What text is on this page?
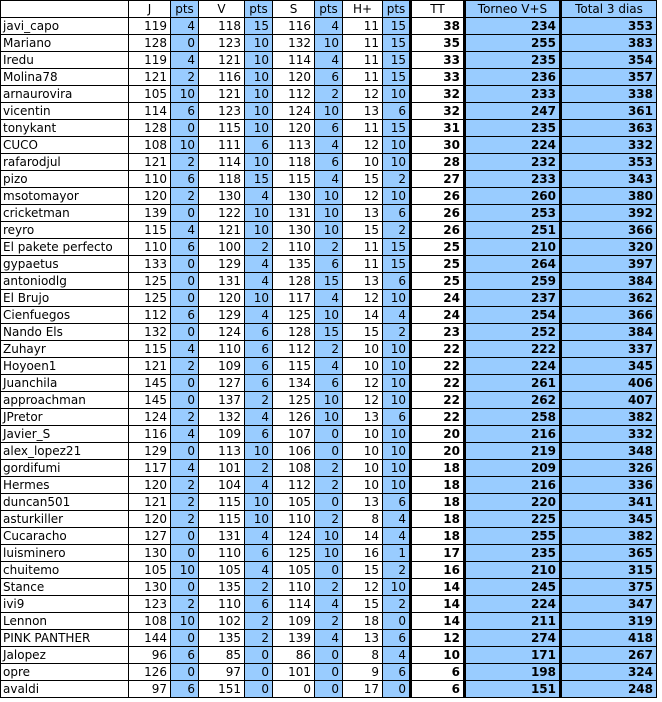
	J	pts	V	pts	S	pts	H+	pts	TT	Torneo V+S	Total 3 dias
javi_capo	119	4	118	15	116	4	11	15	38	234	353
Mariano	128	0	123	10	132	10	11	15	35	255	383
Iredu	119	4	121	10	114	4	11	15	33	235	354
Molina78	121	2	116	10	120	6	11	15	33	236	357
arnaurovira	105	10	121	10	112	2	12	10	32	233	338
vicentin	114	6	123	10	124	10	13	6	32	247	361
tonykant	128	0	115	10	120	6	11	15	31	235	363
CUCO	108	10	111	6	113	4	12	10	30	224	332
rafarodjul	121	2	114	10	118	6	10	10	28	232	353
pizo	110	6	118	15	115	4	15	2	27	233	343
msotomayor	120	2	130	4	130	10	12	10	26	260	380
cricketman	139	0	122	10	131	10	13	6	26	253	392
reyro	115	4	121	10	130	10	15	2	26	251	366
El pakete perfecto	110	6	100	2	110	2	11	15	25	210	320
gypaetus	133	0	129	4	135	6	11	15	25	264	397
antoniodlg	125	0	131	4	128	15	13	6	25	259	384
El Brujo	125	0	120	10	117	4	12	10	24	237	362
Cienfuegos	112	6	129	4	125	10	14	4	24	254	366
Nando Els	132	0	124	6	128	15	15	2	23	252	384
Zuhayr	115	4	110	6	112	2	10	10	22	222	337
Hoyoen1	121	2	109	6	115	4	10	10	22	224	345
Juanchila	145	0	127	6	134	6	12	10	22	261	406
approachman	145	0	137	2	125	10	12	10	22	262	407
JPretor	124	2	132	4	126	10	13	6	22	258	382
Javier_S	116	4	109	6	107	0	10	10	20	216	332
alex_lopez21	129	0	113	10	106	0	10	10	20	219	348
gordifumi	117	4	101	2	108	2	10	10	18	209	326
Hermes	120	2	104	4	112	2	10	10	18	216	336
duncan501	121	2	115	10	105	0	13	6	18	220	341
asturkiller	120	2	115	10	110	2	8	4	18	225	345
Cucaracho	127	0	131	4	124	10	14	4	18	255	382
luisminero	130	0	110	6	125	10	16	1	17	235	365
chuitemo	105	10	105	4	105	0	15	2	16	210	315
Stance	130	0	135	2	110	2	12	10	14	245	375
ivi9	123	2	110	6	114	4	15	2	14	224	347
Lennon	108	10	102	2	109	2	18	0	14	211	319
PINK PANTHER	144	0	135	2	139	4	13	6	12	274	418
Jalopez	96	6	85	0	86	0	8	4	10	171	267
opre	126	0	97	0	101	0	9	6	6	198	324
avaldi	97	6	151	0	0	0	17	0	6	151	248
